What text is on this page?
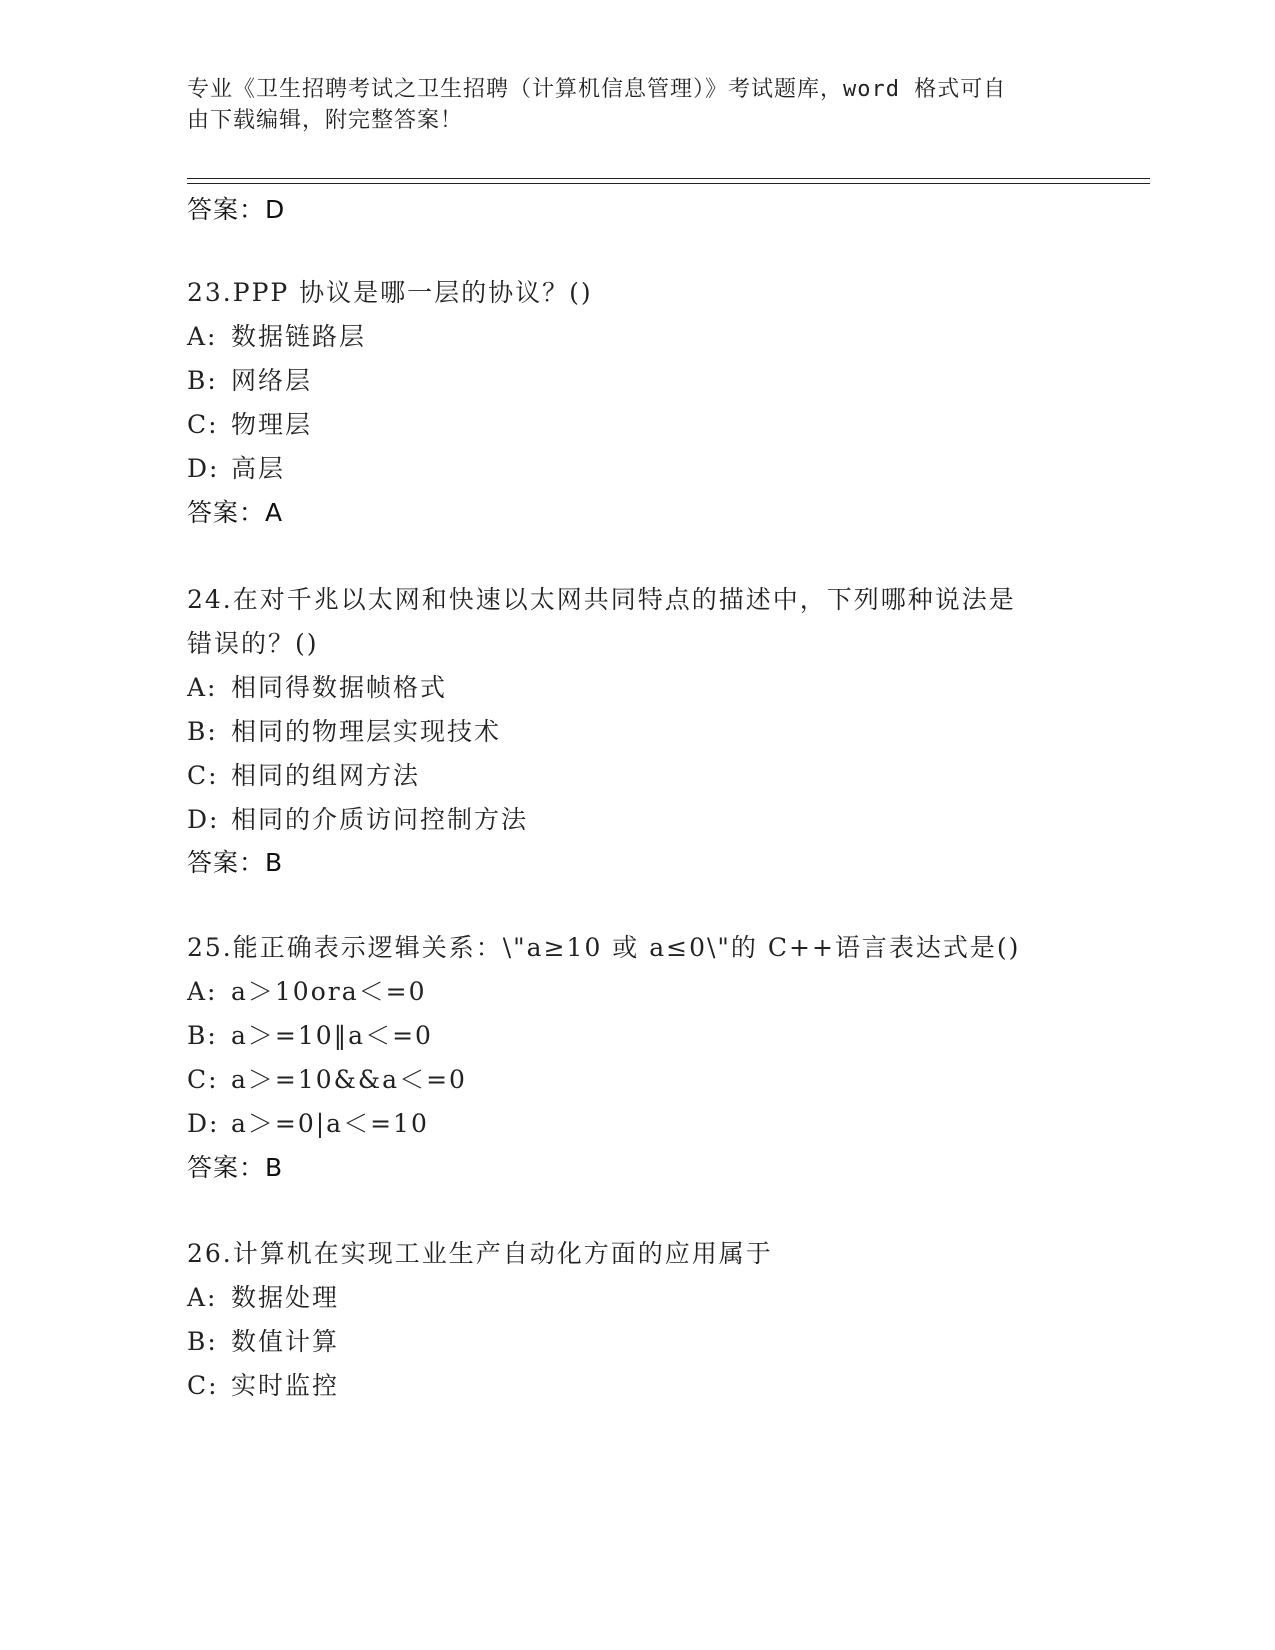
专业《卫生招聘考试之卫生招聘（计算机信息管理）》考试题库，word 格式可自
由下载编辑，附完整答案！
答案：D
23.PPP 协议是哪一层的协议？()
A: 数据链路层
B: 网络层
C: 物理层
D: 高层
答案：A
24.在对千兆以太网和快速以太网共同特点的描述中，下列哪种说法是
错误的？()
A: 相同得数据帧格式
B: 相同的物理层实现技术
C: 相同的组网方法
D: 相同的介质访问控制方法
答案：B
25.能正确表示逻辑关系：\"a≥10 或 a≤0\"的 C++语言表达式是()
A: a＞10ora＜=0
B: a＞=10‖a＜=0
C: a＞=10&&a＜=0
D: a＞=0|a＜=10
答案：B
26.计算机在实现工业生产自动化方面的应用属于
A: 数据处理
B: 数值计算
C: 实时监控
